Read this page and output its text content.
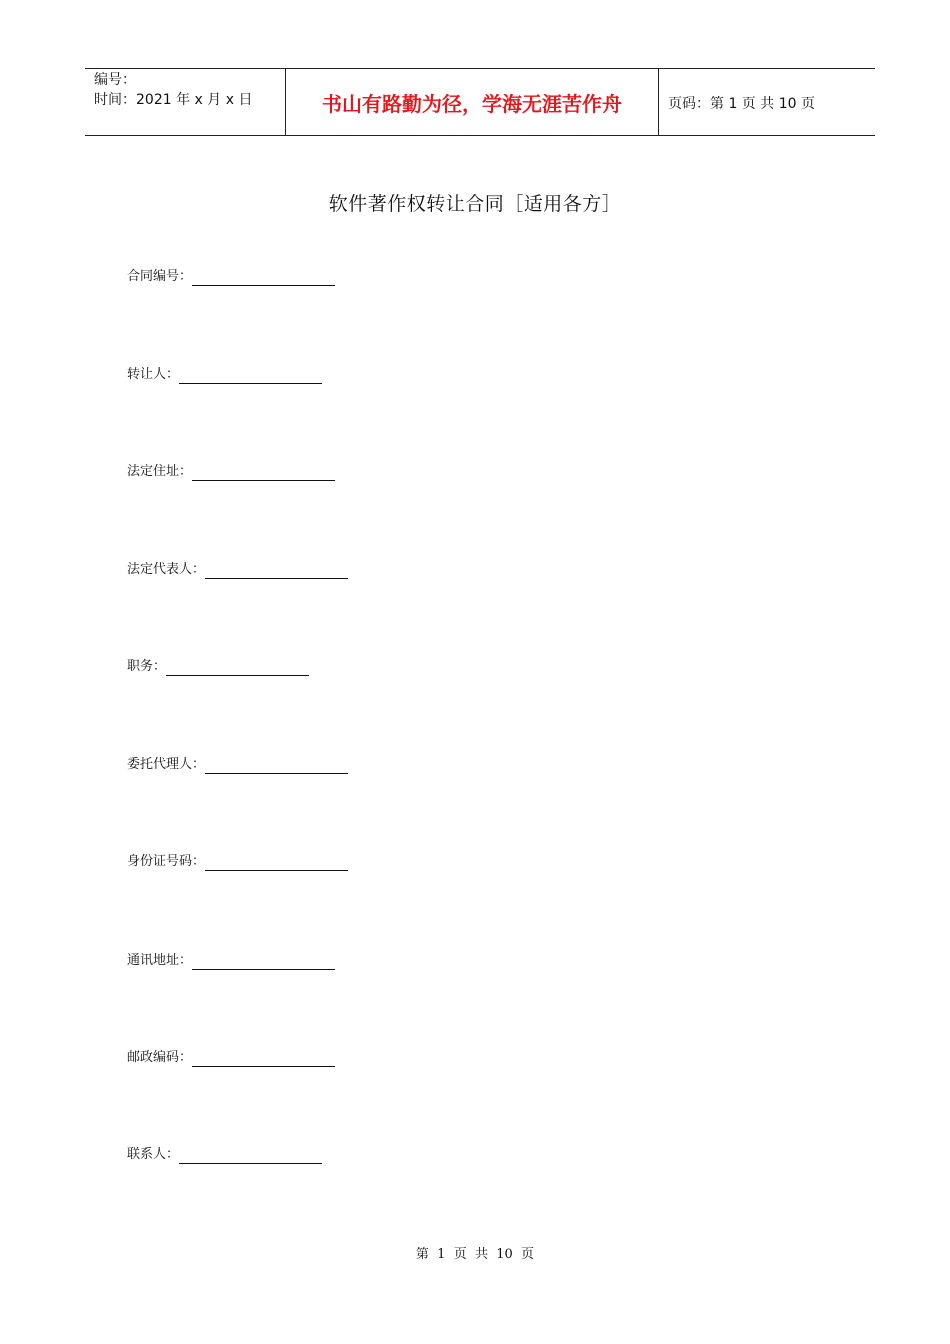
编号：
时间：2021 年 x 月 x 日	书山有路勤为径，学海无涯苦作舟	页码：第 1 页 共 10 页
软件著作权转让合同［适用各方］
合同编号：
转让人：
法定住址：
法定代表人：
职务：
委托代理人：
身份证号码：
通讯地址：
邮政编码：
联系人：
第  1  页  共  10  页
